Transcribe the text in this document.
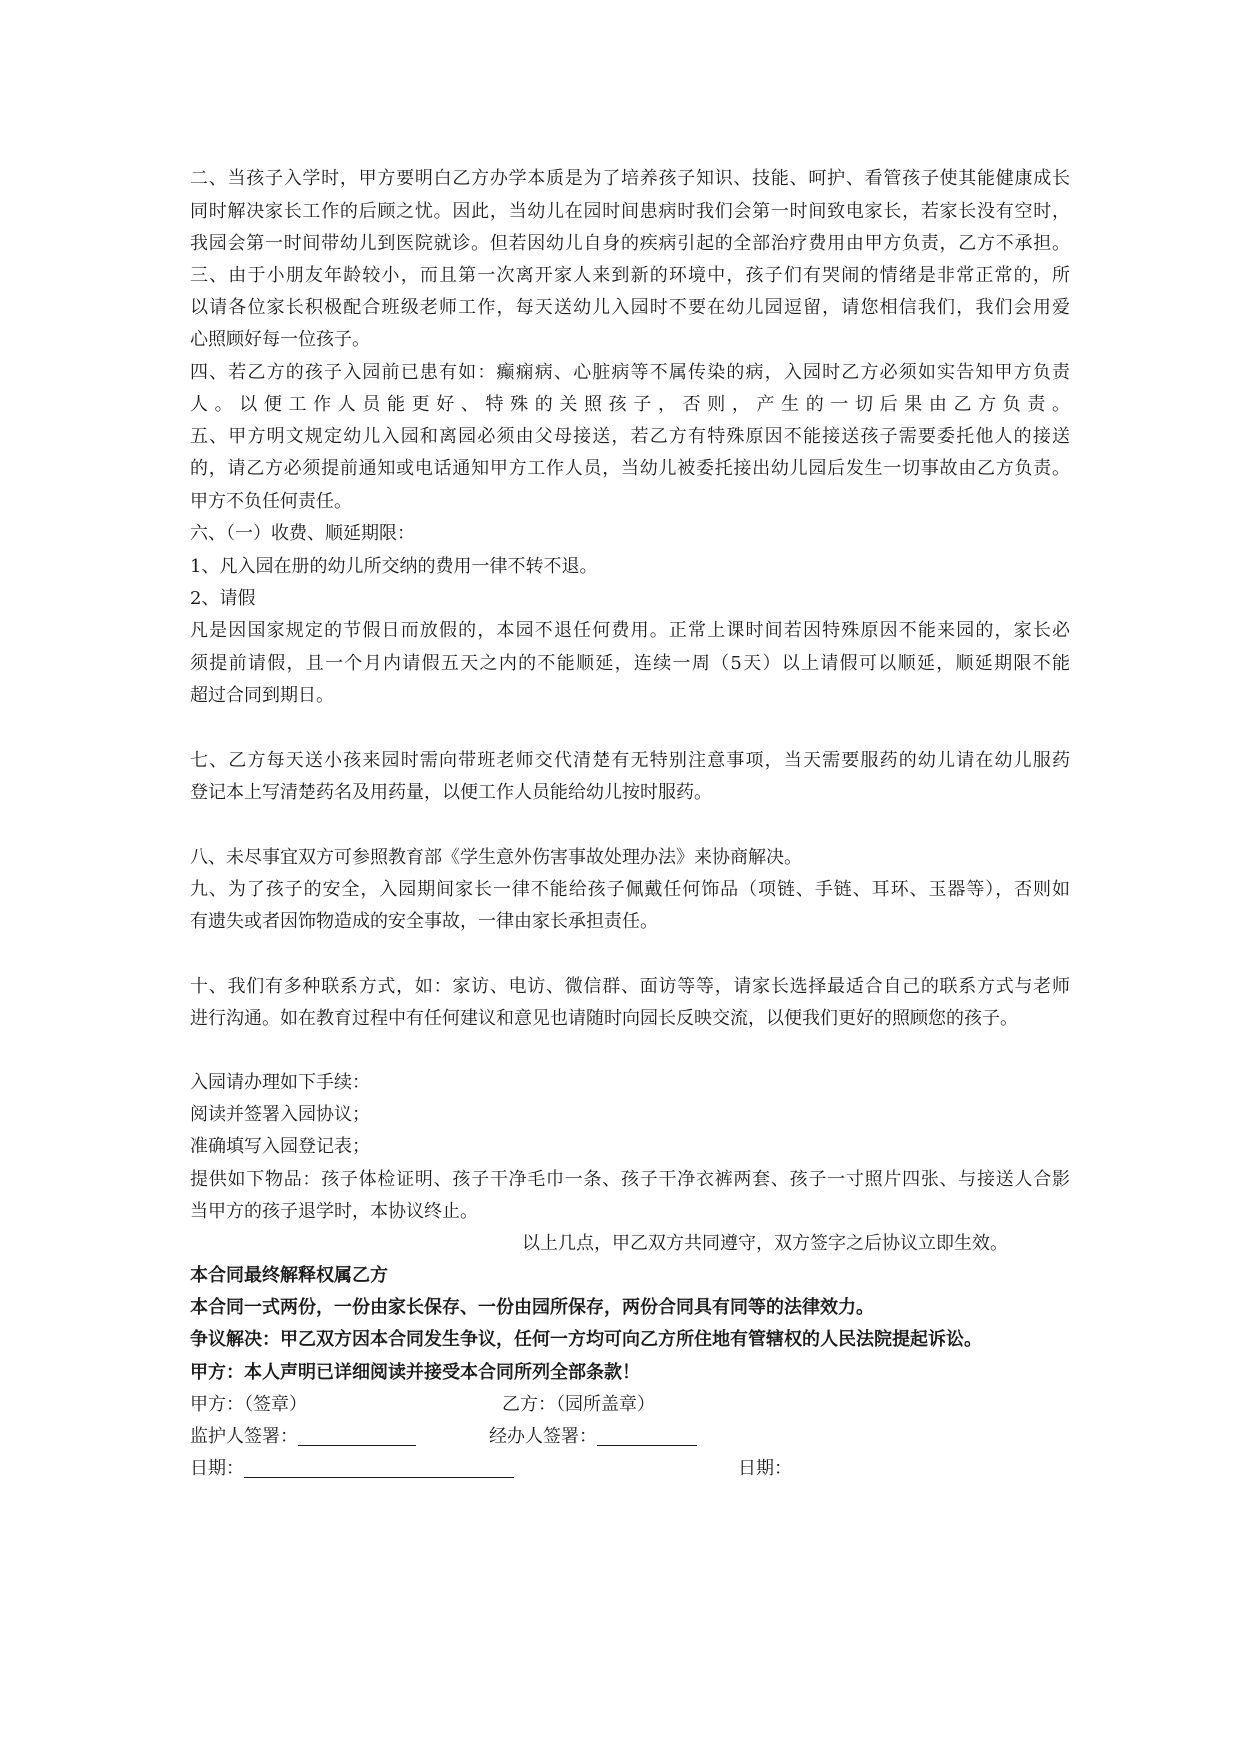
二、当孩子入学时，甲方要明白乙方办学本质是为了培养孩子知识、技能、呵护、看管孩子使其能健康成长

同时解决家长工作的后顾之忧。因此，当幼儿在园时间患病时我们会第一时间致电家长，若家长没有空时，

我园会第一时间带幼儿到医院就诊。但若因幼儿自身的疾病引起的全部治疗费用由甲方负责，乙方不承担。

三、由于小朋友年龄较小，而且第一次离开家人来到新的环境中，孩子们有哭闹的情绪是非常正常的，所

以请各位家长积极配合班级老师工作，每天送幼儿入园时不要在幼儿园逗留，请您相信我们，我们会用爱

心照顾好每一位孩子。

四、若乙方的孩子入园前已患有如：癫痫病、心脏病等不属传染的病，入园时乙方必须如实告知甲方负责

人。以便工作人员能更好、特殊的关照孩子，否则，产生的一切后果由乙方负责。

五、甲方明文规定幼儿入园和离园必须由父母接送，若乙方有特殊原因不能接送孩子需要委托他人的接送

的，请乙方必须提前通知或电话通知甲方工作人员，当幼儿被委托接出幼儿园后发生一切事故由乙方负责。

甲方不负任何责任。

六、（一）收费、顺延期限：

1、凡入园在册的幼儿所交纳的费用一律不转不退。

2、请假

凡是因国家规定的节假日而放假的，本园不退任何费用。正常上课时间若因特殊原因不能来园的，家长必

须提前请假，且一个月内请假五天之内的不能顺延，连续一周（5天）以上请假可以顺延，顺延期限不能

超过合同到期日。

七、乙方每天送小孩来园时需向带班老师交代清楚有无特别注意事项，当天需要服药的幼儿请在幼儿服药

登记本上写清楚药名及用药量，以便工作人员能给幼儿按时服药。

八、未尽事宜双方可参照教育部《学生意外伤害事故处理办法》来协商解决。

九、为了孩子的安全，入园期间家长一律不能给孩子佩戴任何饰品（项链、手链、耳环、玉器等），否则如

有遗失或者因饰物造成的安全事故，一律由家长承担责任。

十、我们有多种联系方式，如：家访、电访、微信群、面访等等，请家长选择最适合自己的联系方式与老师

进行沟通。如在教育过程中有任何建议和意见也请随时向园长反映交流，以便我们更好的照顾您的孩子。

入园请办理如下手续：

阅读并签署入园协议；

准确填写入园登记表；

提供如下物品：孩子体检证明、孩子干净毛巾一条、孩子干净衣裤两套、孩子一寸照片四张、与接送人合影

当甲方的孩子退学时，本协议终止。

以上几点，甲乙双方共同遵守，双方签字之后协议立即生效。

本合同最终解释权属乙方

本合同一式两份，一份由家长保存、一份由园所保存，两份合同具有同等的法律效力。

争议解决：甲乙双方因本合同发生争议，任何一方均可向乙方所住地有管辖权的人民法院提起诉讼。

甲方：本人声明已详细阅读并接受本合同所列全部条款！

甲方：（签章）	乙方：（园所盖章）
监护人签署：	经办人签署：
日期：	日期：
